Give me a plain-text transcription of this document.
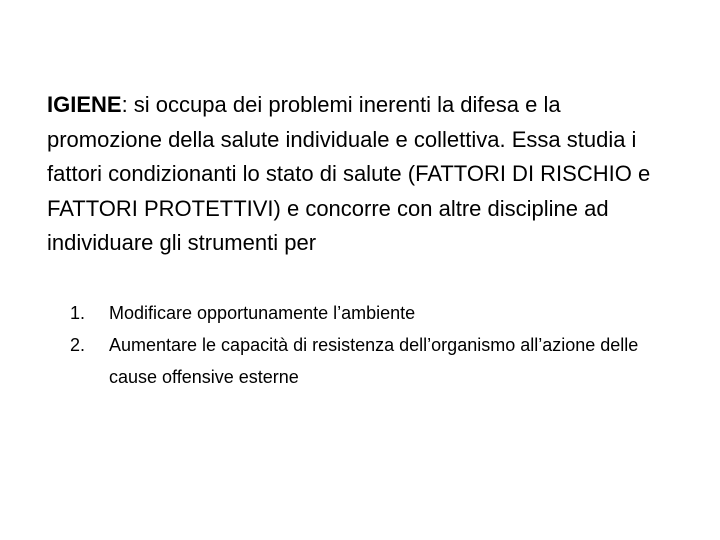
IGIENE: si occupa dei problemi inerenti la difesa e la promozione della salute individuale e collettiva. Essa studia i fattori condizionanti lo stato di salute (FATTORI DI RISCHIO e FATTORI PROTETTIVI) e concorre con altre discipline ad individuare gli strumenti per

1.	Modificare opportunamente l’ambiente
2.	Aumentare le capacità di resistenza dell’organismo all’azione delle cause offensive esterne
